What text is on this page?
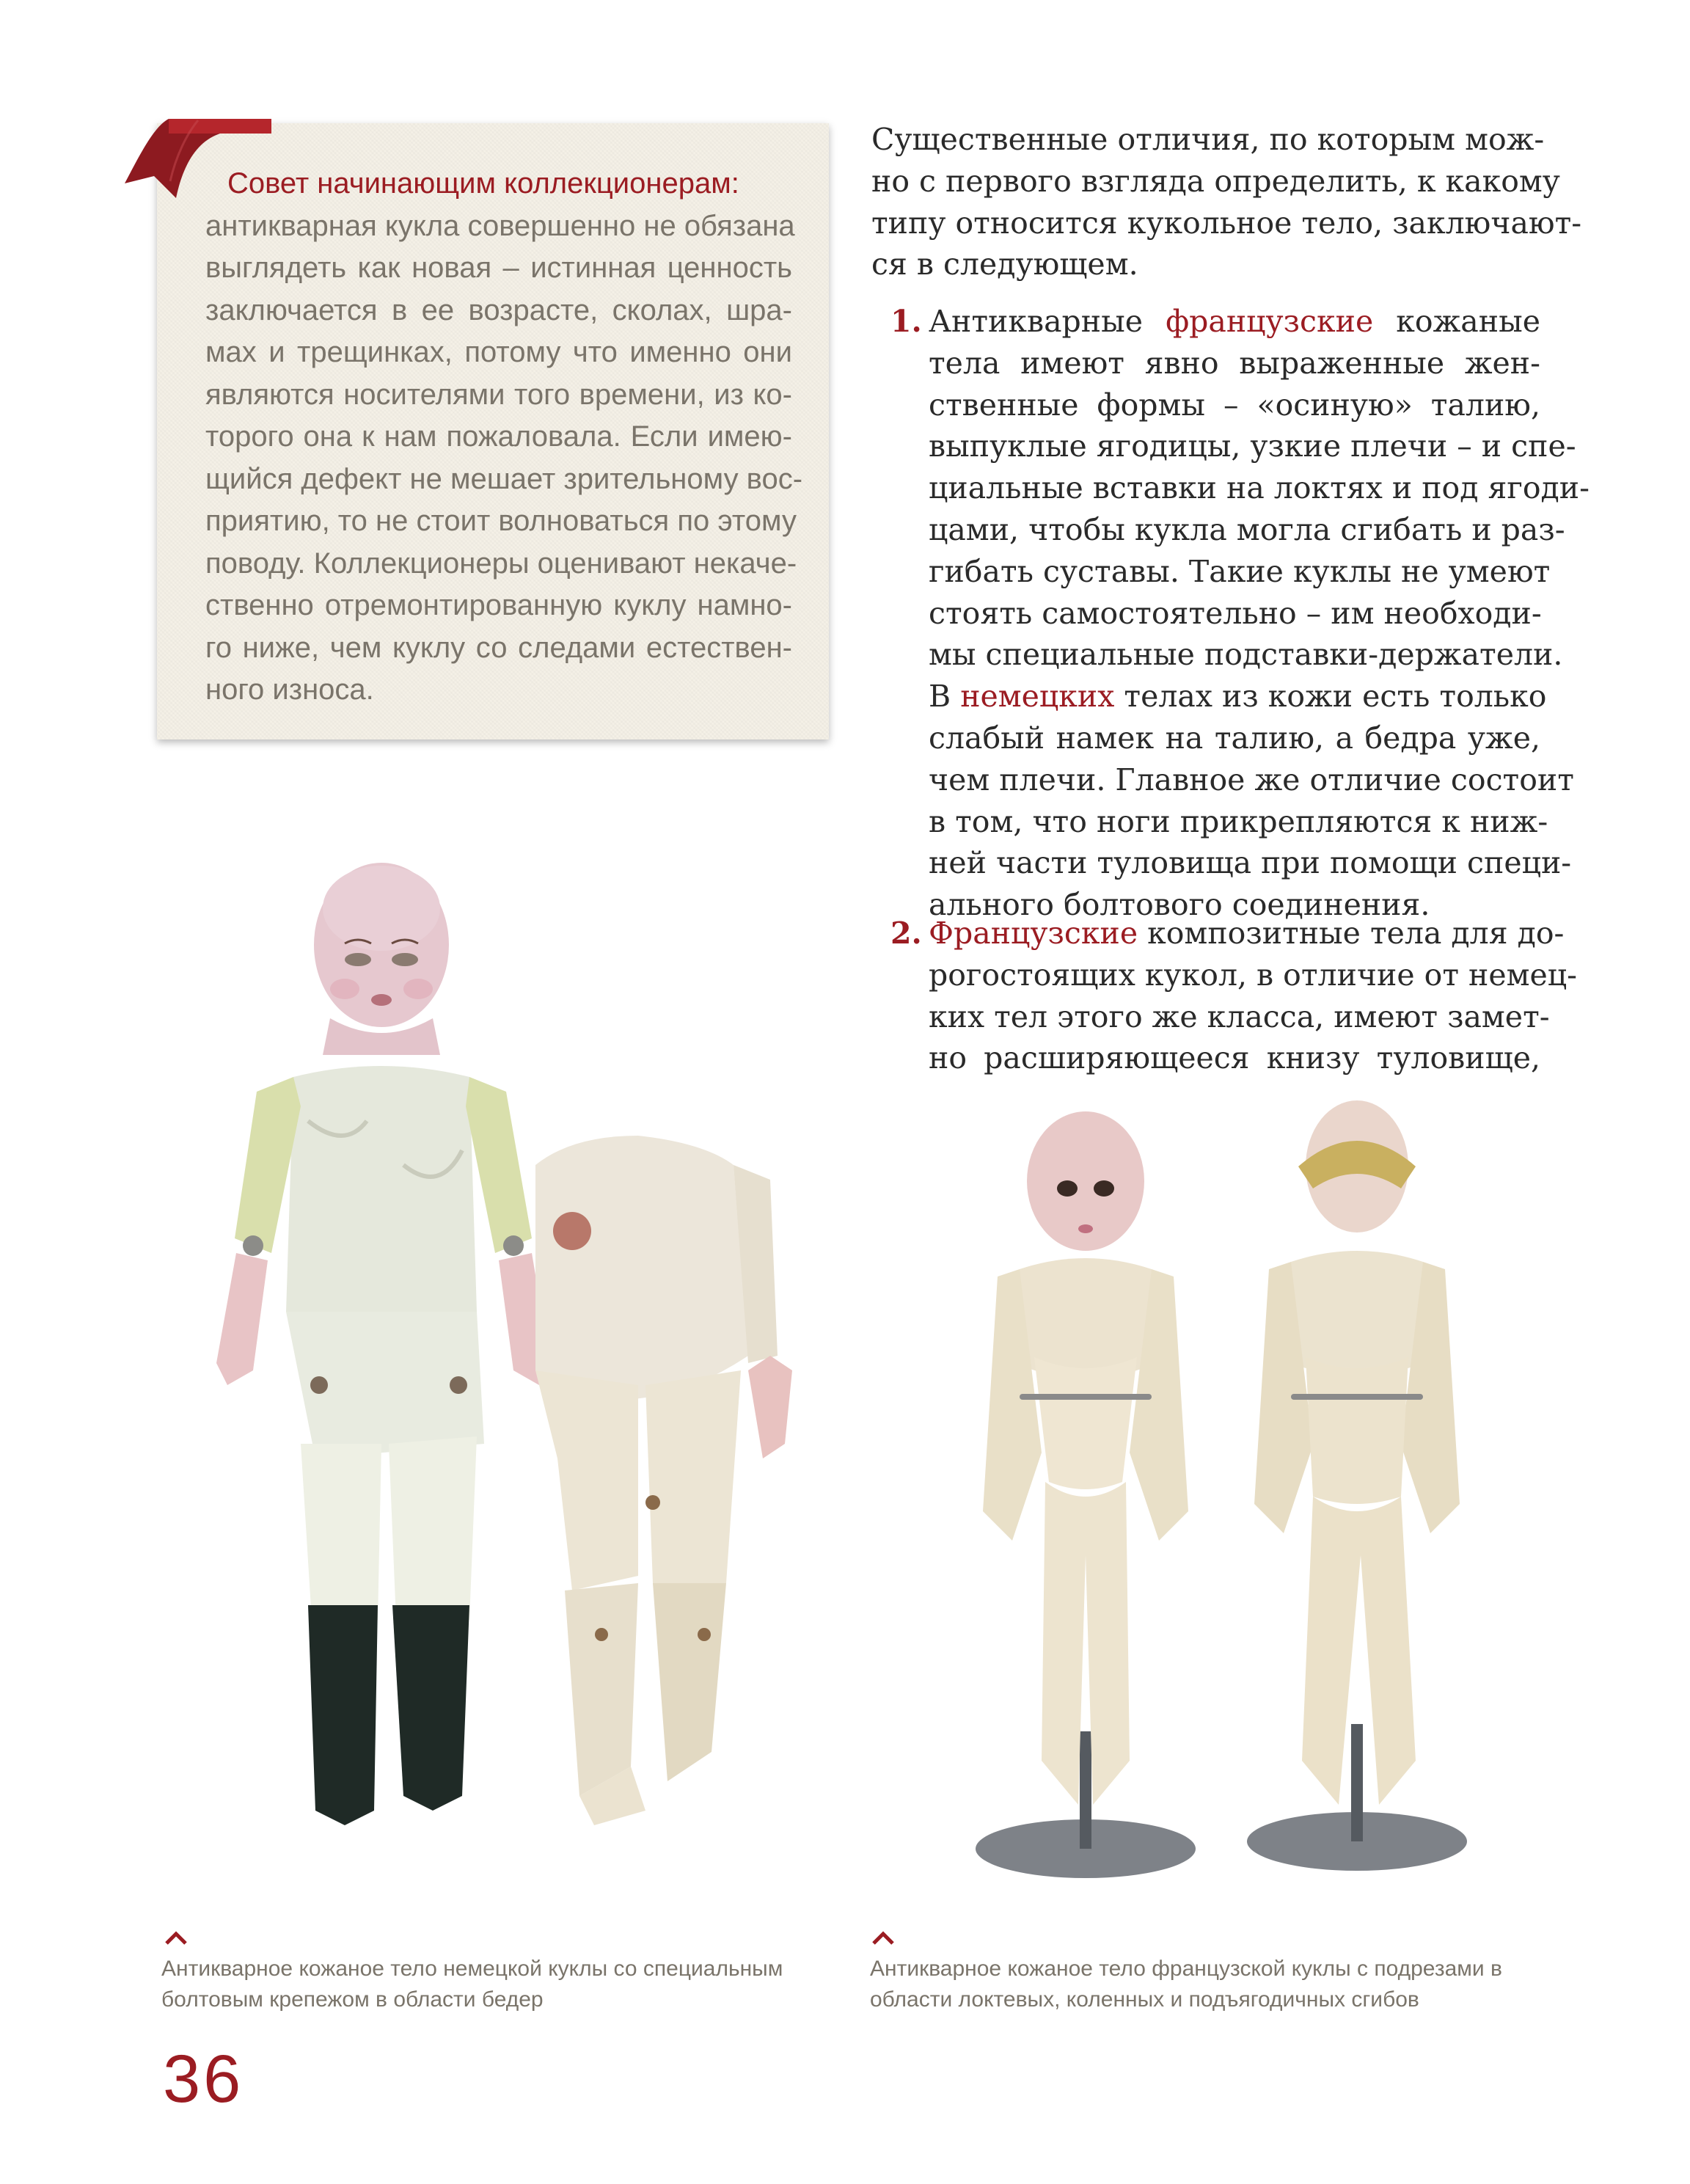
Совет начинающим коллекционерам:
антикварная кукла совершенно не обязана
выглядеть как новая – истинная ценность
заключается в ее возрасте, сколах, шра-
мах и трещинках, потому что именно они
являются носителями того времени, из ко-
торого она к нам пожаловала. Если имею-
щийся дефект не мешает зрительному вос-
приятию, то не стоит волноваться по этому
поводу. Коллекционеры оценивают некаче-
ственно отремонтированную куклу намно-
го ниже, чем куклу со следами естествен-
ного износа.
Существенные отличия, по которым мож-
но с первого взгляда определить, к какому
типу относится кукольное тело, заключают-
ся в следующем.
1. Антикварные французские кожаные
тела имеют явно выраженные жен-
ственные формы – «осиную» талию,
выпуклые ягодицы, узкие плечи – и спе-
циальные вставки на локтях и под ягоди-
цами, чтобы кукла могла сгибать и раз-
гибать суставы. Такие куклы не умеют
стоять самостоятельно – им необходи-
мы специальные подставки-держатели.
В немецких телах из кожи есть только
слабый намек на талию, а бедра уже,
чем плечи. Главное же отличие состоит
в том, что ноги прикрепляются к ниж-
ней части туловища при помощи специ-
ального болтового соединения.
2. Французские композитные тела для до-
рогостоящих кукол, в отличие от немец-
ких тел этого же класса, имеют замет-
но расширяющееся книзу туловище,
Антикварное кожаное тело немецкой куклы со специальным болтовым крепежом в области бедер
Антикварное кожаное тело французской куклы с подрезами в области локтевых, коленных и подъягодичных сгибов
36
